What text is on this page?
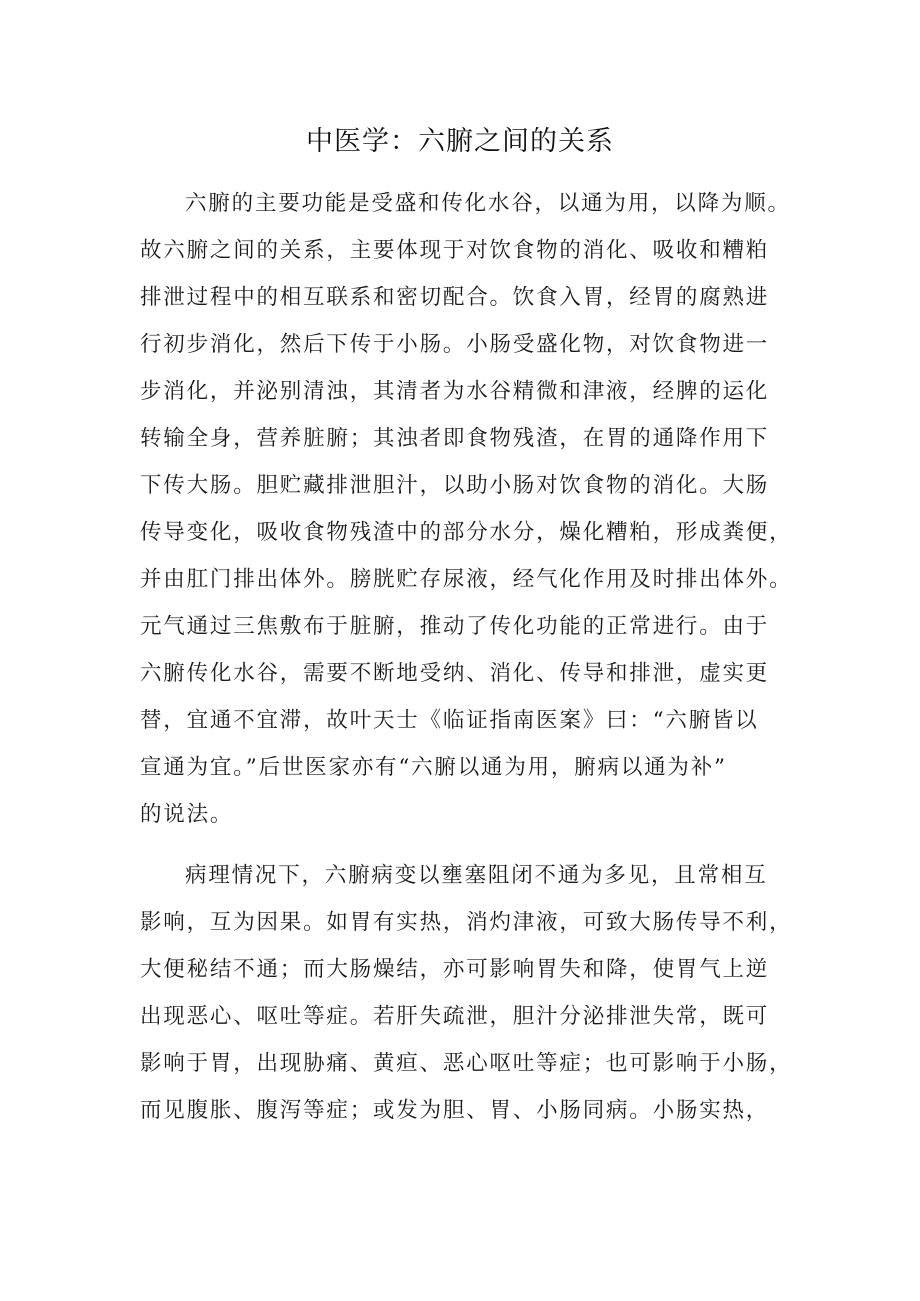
中医学：六腑之间的关系
六腑的主要功能是受盛和传化水谷，以通为用，以降为顺。
故六腑之间的关系，主要体现于对饮食物的消化、吸收和糟粕
排泄过程中的相互联系和密切配合。饮食入胃，经胃的腐熟进
行初步消化，然后下传于小肠。小肠受盛化物，对饮食物进一
步消化，并泌别清浊，其清者为水谷精微和津液，经脾的运化
转输全身，营养脏腑；其浊者即食物残渣，在胃的通降作用下
下传大肠。胆贮藏排泄胆汁，以助小肠对饮食物的消化。大肠
传导变化，吸收食物残渣中的部分水分，燥化糟粕，形成粪便，
并由肛门排出体外。膀胱贮存尿液，经气化作用及时排出体外。
元气通过三焦敷布于脏腑，推动了传化功能的正常进行。由于
六腑传化水谷，需要不断地受纳、消化、传导和排泄，虚实更
替，宜通不宜滞，故叶天士《临证指南医案》曰：“六腑皆以
宣通为宜。”后世医家亦有“六腑以通为用，腑病以通为补”
的说法。
病理情况下，六腑病变以壅塞阻闭不通为多见，且常相互
影响，互为因果。如胃有实热，消灼津液，可致大肠传导不利，
大便秘结不通；而大肠燥结，亦可影响胃失和降，使胃气上逆
出现恶心、呕吐等症。若肝失疏泄，胆汁分泌排泄失常，既可
影响于胃，出现胁痛、黄疸、恶心呕吐等症；也可影响于小肠，
而见腹胀、腹泻等症；或发为胆、胃、小肠同病。小肠实热，
